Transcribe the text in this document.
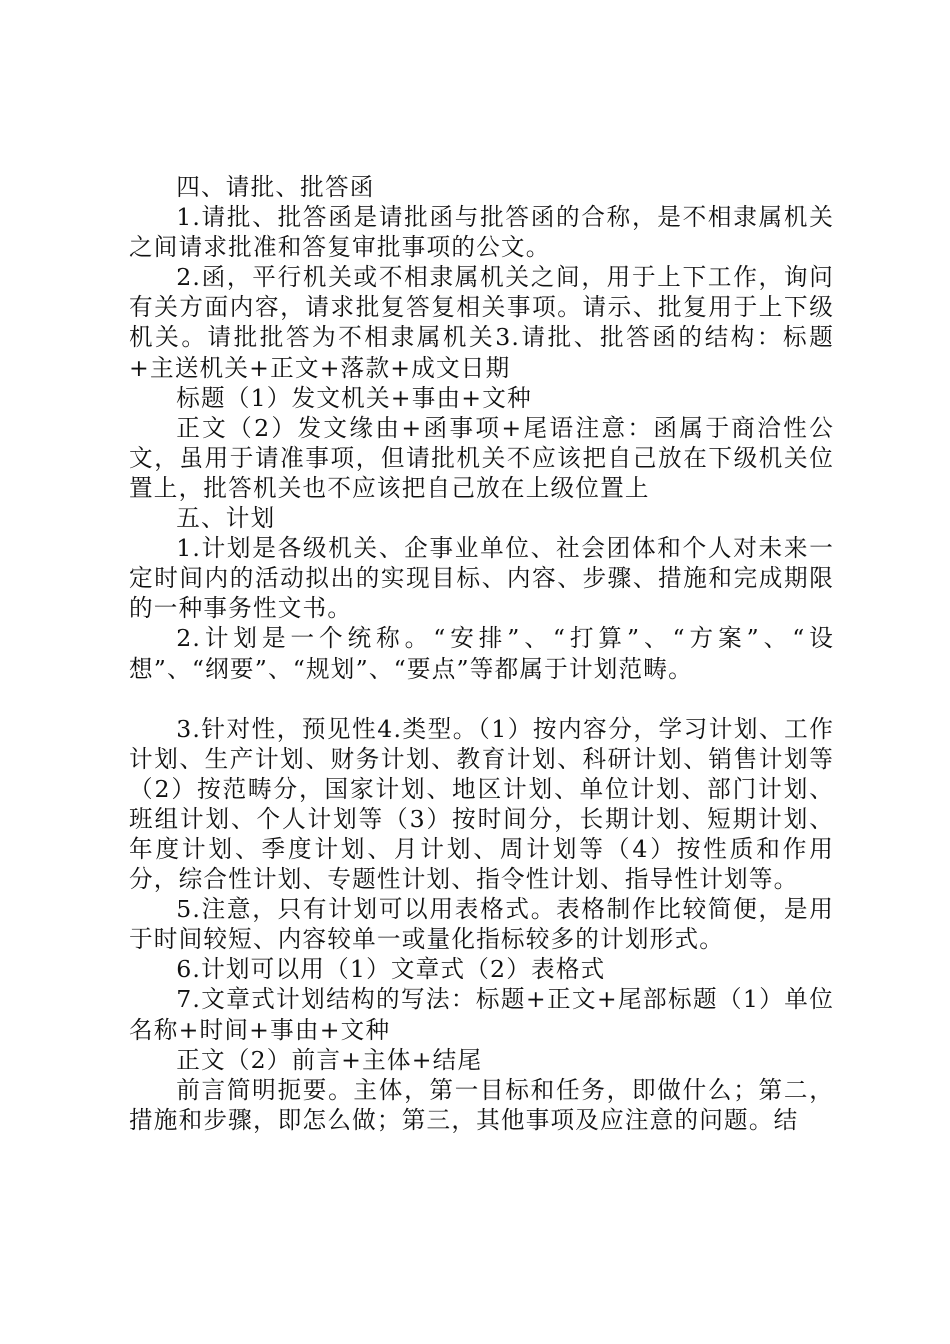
四、请批、批答函

1.请批、批答函是请批函与批答函的合称，是不相隶属机关之间请求批准和答复审批事项的公文。

2.函，平行机关或不相隶属机关之间，用于上下工作，询问有关方面内容，请求批复答复相关事项。请示、批复用于上下级机关。请批批答为不相隶属机关3.请批、批答函的结构：标题+主送机关+正文+落款+成文日期

标题（1）发文机关+事由+文种

正文（2）发文缘由+函事项+尾语注意：函属于商洽性公文，虽用于请准事项，但请批机关不应该把自己放在下级机关位置上，批答机关也不应该把自己放在上级位置上

五、计划

1.计划是各级机关、企事业单位、社会团体和个人对未来一定时间内的活动拟出的实现目标、内容、步骤、措施和完成期限的一种事务性文书。

2.计划是一个统称。“安排”、“打算”、“方案”、“设想”、“纲要”、“规划”、“要点”等都属于计划范畴。

3.针对性，预见性4.类型。（1）按内容分，学习计划、工作计划、生产计划、财务计划、教育计划、科研计划、销售计划等（2）按范畴分，国家计划、地区计划、单位计划、部门计划、班组计划、个人计划等（3）按时间分，长期计划、短期计划、年度计划、季度计划、月计划、周计划等（4）按性质和作用分，综合性计划、专题性计划、指令性计划、指导性计划等。

5.注意，只有计划可以用表格式。表格制作比较简便，是用于时间较短、内容较单一或量化指标较多的计划形式。

6.计划可以用（1）文章式（2）表格式

7.文章式计划结构的写法：标题+正文+尾部标题（1）单位名称+时间+事由+文种

正文（2）前言+主体+结尾

前言简明扼要。主体，第一目标和任务，即做什么；第二，措施和步骤，即怎么做；第三，其他事项及应注意的问题。结
